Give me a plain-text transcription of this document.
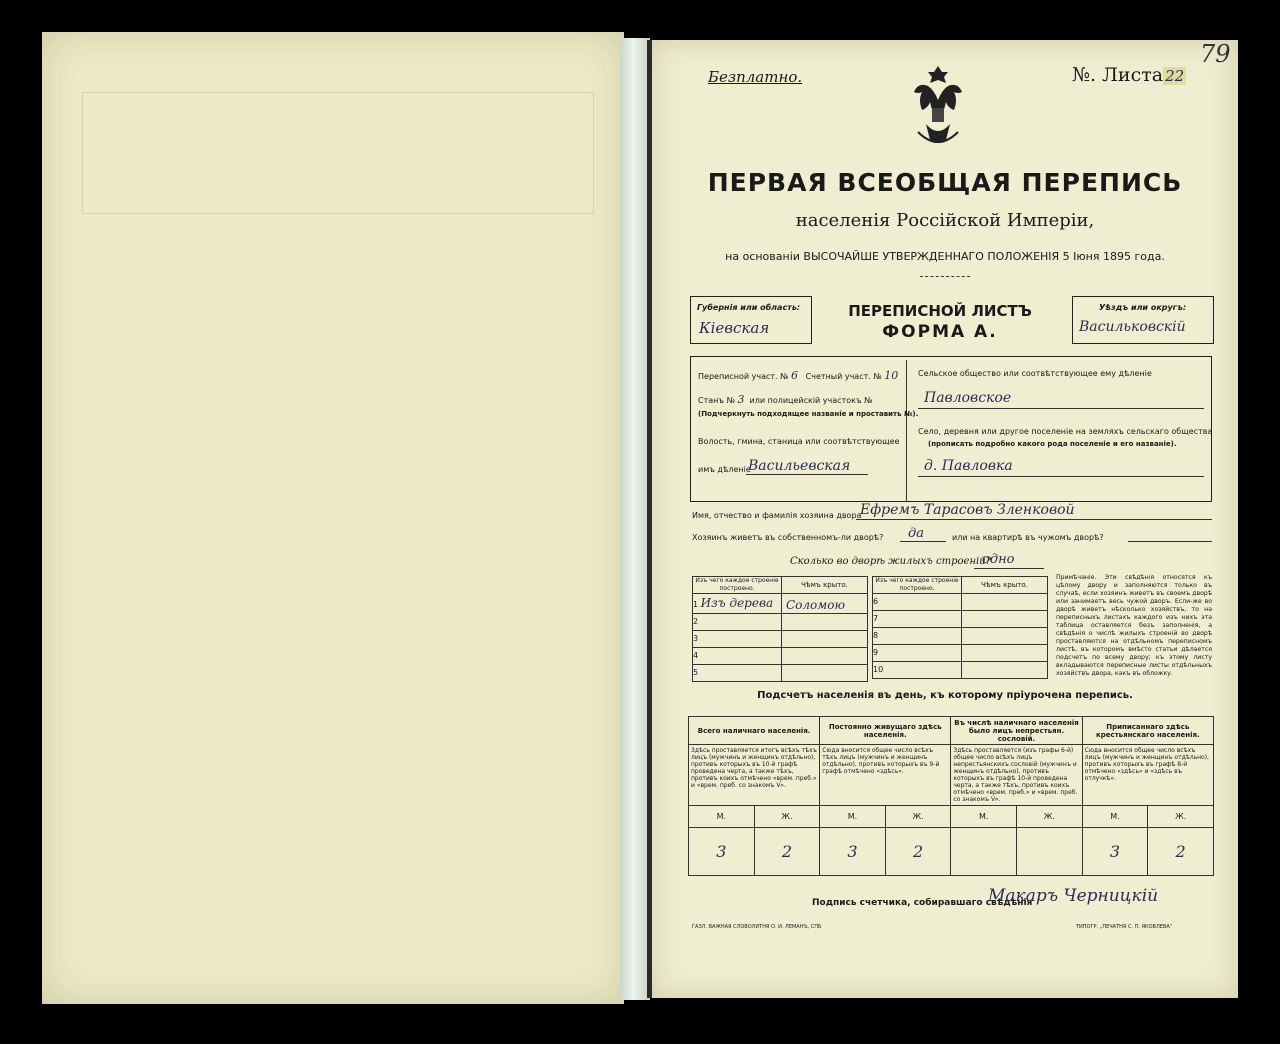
Безплатно.	№. Листа 22
79
ПЕРВАЯ ВСЕОБЩАЯ ПЕРЕПИСЬ
населенія Россійской Имперіи,
на основаніи ВЫСОЧАЙШЕ УТВЕРЖДЕННАГО ПОЛОЖЕНІЯ 5 Іюня 1895 года.
Губернія или область:
Кіевская
ПЕРЕПИСНОЙ ЛИСТЪ
ФОРМА А.
Уѣздъ или округъ:
Васильковскій
Переписной участ. № 6 Счетный участ. № 10
Станъ № 3 или полицейскій участокъ №
(Подчеркнуть подходящее названіе и проставить №).
Волость, гмина, станица или соотвѣтствующее
имъ дѣленіе
Васильевская
Сельское общество или соотвѣтствующее ему дѣленіе
Павловское
Село, деревня или другое поселеніе на земляхъ сельскаго общества
(прописать подробно какого рода поселеніе и его названіе).
д. Павловка
Имя, отчество и фамилія хозяина двора
Ефремъ Тарасовъ Зленковой
Хозяинъ живетъ въ собственномъ-ли дворѣ? да	или на квартирѣ въ чужомъ дворѣ?
Сколько во дворѣ жилыхъ строеній?
одно
Изъ чего каждое строеніе построено.	Чѣмъ крыто.
1 Изъ дерева	Соломою
2	
3	
4	
5	
Изъ чего каждое строеніе построено.	Чѣмъ крыто.
6	
7	
8	
9	
10	
Примѣчаніе. Эти свѣдѣнія относятся къ цѣлому двору и заполняются только въ случаѣ, если хозяинъ живетъ въ своемъ дворѣ или занимаетъ весь чужой дворъ. Если-же во дворѣ живетъ нѣсколько хозяйствъ, то на переписныхъ листахъ каждого изъ нихъ эта таблица оставляется безъ заполненія, а свѣдѣнія о числѣ жилыхъ строеній во дворѣ проставляются на отдѣльномъ переписномъ листѣ, въ которомъ вмѣсто статьи дѣлается подсчетъ по всему двору; къ этому листу вкладываются переписные листы отдѣльныхъ хозяйствъ двора, какъ въ обложку.
Подсчетъ населенія въ день, къ которому пріурочена перепись.
Всего наличнаго населенія.		Постоянно живущаго здѣсь населенія.		Въ числѣ наличнаго населенія было лицъ непрестьян. сословій.		Приписаннаго здѣсь крестьянскаго населенія.	
Здѣсь проставляется итогъ всѣхъ тѣхъ лицъ (мужчинъ и женщинъ отдѣльно), противъ которыхъ въ 10-й графѣ проведена черта, а также тѣхъ, противъ коихъ отмѣчено «врем. преб.» и «врем. преб. со знакомъ V».		Сюда вносится общее число всѣхъ тѣхъ лицъ (мужчинъ и женщинъ отдѣльно), противъ которыхъ въ 9-й графѣ отмѣчено «здѣсь».		Здѣсь проставляется (изъ графы 6-й) общее число всѣхъ лицъ непрестьянскихъ сословій (мужчинъ и женщинъ отдѣльно), противъ которыхъ въ графѣ 10-й проведена черта, а также тѣхъ, противъ коихъ отмѣчено «врем. преб.» и «врем. преб. со знакомъ V».		Сюда вносится общее число всѣхъ лицъ (мужчинъ и женщинъ отдѣльно), противъ которыхъ въ графѣ 8-й отмѣчено «здѣсь» и «здѣсь въ отлучкѣ».	
М.	Ж.	М.	Ж.	М.	Ж.	М.	Ж.
3	2	3	2			3	2
Подпись счетчика, собиравшаго свѣдѣнія
Макаръ Черницкій
ГАЗЛ. ВАЖНАЯ СЛОВОЛИТНЯ О. И. ЛЕМАНЪ, СПБ	ТИПОГР. „ПЕЧАТНЯ С. П. ЯКОВЛЕВА“
